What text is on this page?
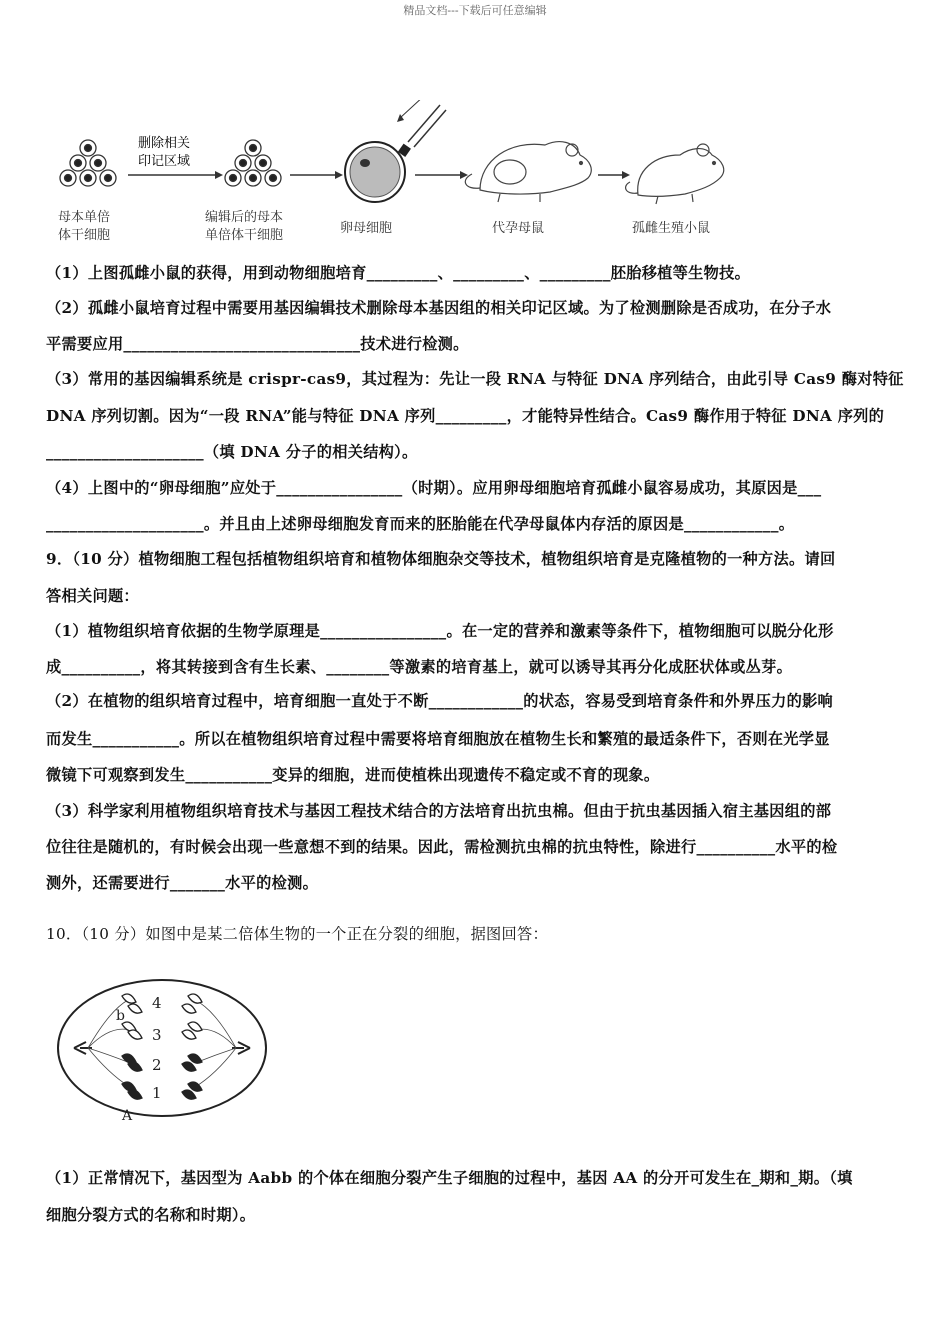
精品文档---下载后可任意编辑
删除相关
印记区域
母本单倍
体干细胞
编辑后的母本
单倍体干细胞	卵母细胞	代孕母鼠	孤雌生殖小鼠
（1）上图孤雌小鼠的获得，用到动物细胞培育_________、_________、_________胚胎移植等生物技。
（2）孤雌小鼠培育过程中需要用基因编辑技术删除母本基因组的相关印记区域。为了检测删除是否成功，在分子水
平需要应用______________________________技术进行检测。
（3）常用的基因编辑系统是 crispr-cas9，其过程为：先让一段 RNA 与特征 DNA 序列结合，由此引导 Cas9 酶对特征
DNA 序列切割。因为“一段 RNA”能与特征 DNA 序列_________，才能特异性结合。Cas9 酶作用于特征 DNA 序列的
____________________（填 DNA 分子的相关结构）。
（4）上图中的“卵母细胞”应处于________________（时期）。应用卵母细胞培育孤雌小鼠容易成功，其原因是___
____________________。并且由上述卵母细胞发育而来的胚胎能在代孕母鼠体内存活的原因是____________。
9．（10 分）植物细胞工程包括植物组织培育和植物体细胞杂交等技术，植物组织培育是克隆植物的一种方法。请回
答相关问题：
（1）植物组织培育依据的生物学原理是________________。在一定的营养和激素等条件下，植物细胞可以脱分化形
成__________，将其转接到含有生长素、________等激素的培育基上，就可以诱导其再分化成胚状体或丛芽。
（2）在植物的组织培育过程中，培育细胞一直处于不断____________的状态，容易受到培育条件和外界压力的影响
而发生___________。所以在植物组织培育过程中需要将培育细胞放在植物生长和繁殖的最适条件下，否则在光学显
微镜下可观察到发生___________变异的细胞，进而使植株出现遗传不稳定或不育的现象。
（3）科学家利用植物组织培育技术与基因工程技术结合的方法培育出抗虫棉。但由于抗虫基因插入宿主基因组的部
位往往是随机的，有时候会出现一些意想不到的结果。因此，需检测抗虫棉的抗虫特性，除进行__________水平的检
测外，还需要进行_______水平的检测。
10．（10 分）如图中是某二倍体生物的一个正在分裂的细胞，据图回答：
4
3
2
1
b
A
（1）正常情况下，基因型为 Aabb 的个体在细胞分裂产生子细胞的过程中，基因 AA 的分开可发生在_期和_期。（填
细胞分裂方式的名称和时期）。
